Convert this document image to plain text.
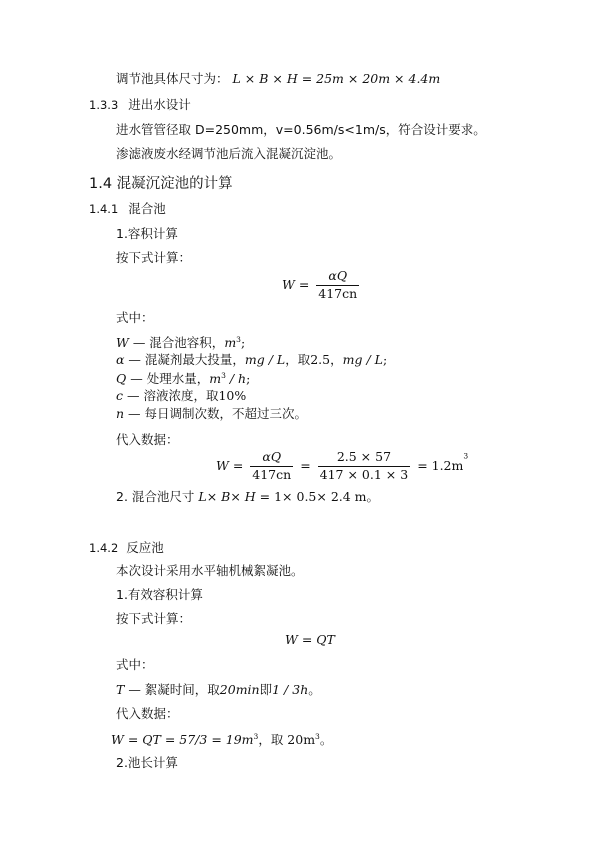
调节池具体尺寸为： L × B × H = 25m × 20m × 4.4m
1.3.3 进出水设计
进水管管径取 D=250mm，v=0.56m/s<1m/s，符合设计要求。
渗滤液废水经调节池后流入混凝沉淀池。
1.4 混凝沉淀池的计算
1.4.1 混合池
1.容积计算
按下式计算：
$W = \frac{\alpha Q}{417cn}$
式中：
W — 混合池容积，$m^3$;
α — 混凝剂最大投量，mg / L，取2.5，mg / L;
Q — 处理水量，$m^3$ / h;
c — 溶液浓度，取10%
n — 每日调制次数，不超过三次。
代入数据：
$W = \frac{\alpha Q}{417cn} = \frac{2.5 \times 57}{417 \times 0.1 \times 3} = 1.2m^3$
2. 混合池尺寸 L× B× H = 1× 0.5× 2.4 m。
1.4.2 反应池
本次设计采用水平轴机械絮凝池。
1.有效容积计算
按下式计算：
W = QT
式中：
T — 絮凝时间，取20min即1 / 3h。
代入数据：
W = QT = $57/3 = 19m^3$，取 $20m^3$。
2.池长计算
